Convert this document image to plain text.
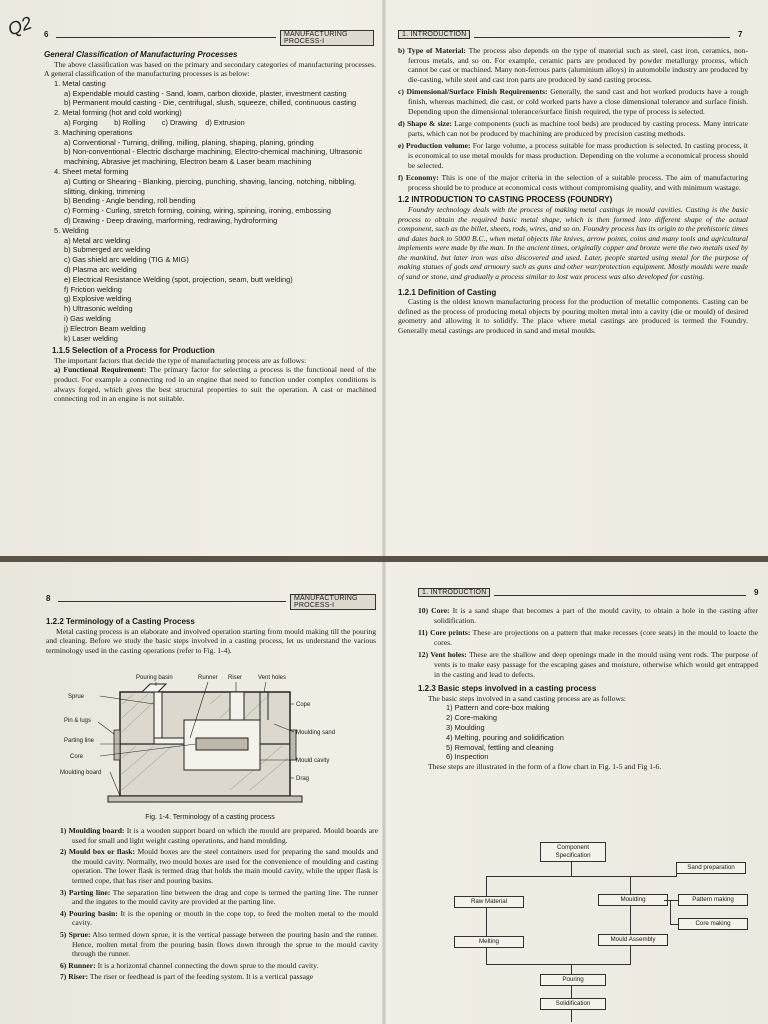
Q2 6	MANUFACTURING PROCESS-I

General Classification of Manufacturing Processes

The above classification was based on the primary and secondary categories of manufacturing processes. A general classification of the manufacturing processes is as below:

1. Metal casting

a) Expendable mould casting - Sand, loam, carbon dioxide, plaster, investment casting

b) Permanent mould casting - Die, centrifugal, slush, squeeze, chilled, continuous casting

2. Metal forming (hot and cold working)

a) Forging        b) Rolling        c) Drawing    d) Extrusion

3. Machining operations

a) Conventional - Turning, drilling, milling, planing, shaping, planing, grinding

b) Non-conventional - Electric discharge machining, Electro-chemical machining, Ultrasonic machining, Abrasive jet machining, Electron beam & Laser beam machining

4. Sheet metal forming

a) Cutting or Shearing - Blanking, piercing, punching, shaving, lancing, notching, nibbling, slitting, dinking, trimming

b) Bending - Angle bending, roll bending

c) Forming - Curling, stretch forming, coining, wiring, spinning, ironing, embossing

d) Drawing - Deep drawing, marforming, redrawing, hydroforming

5. Welding

a) Metal arc welding

b) Submerged arc welding

c) Gas shield arc welding (TIG & MIG)

d) Plasma arc welding

e) Electrical Resistance Welding (spot, projection, seam, butt welding)

f) Friction welding

g) Explosive welding

h) Ultrasonic welding

i) Gas welding

j) Electron Beam welding

k) Laser welding

1.1.5 Selection of a Process for Production

The important factors that decide the type of manufacturing process are as follows:

a) Functional Requirement: The primary factor for selecting a process is the functional need of the product. For example a connecting rod in an engine that need to function under complex conditions is always forged, which gives the best structural properties to suit the operation. A cast or machined connecting rod in an engine is not suitable.

1. INTRODUCTION	7

b) Type of Material: The process also depends on the type of material such as steel, cast iron, ceramics, non-ferrous metals, and so on. For example, ceramic parts are produced by powder metallurgy process, which cannot be cast or machined. Many non-ferrous parts (aluminium alloys) in automobile industry are produced by die-casting, while steel and cast iron parts are produced by sand casting process.

c) Dimensional/Surface Finish Requirements: Generally, the sand cast and hot worked products have a rough finish, whereas machined, die cast, or cold worked parts have a close dimensional tolerance and surface finish. Depending upon the dimensional tolerance/surface finish required, the type of process is selected.

d) Shape & size: Large components (such as machine tool beds) are produced by casting process. Many intricate parts, which can not be produced by machining are produced by precision casting methods.

e) Production volume: For large volume, a process suitable for mass production is selected. In casting process, it is economical to use metal moulds for mass production. Depending on the volume a economical process should be selected.

f) Economy: This is one of the major criteria in the selection of a suitable process. The aim of manufacturing process should be to produce at economical costs without compromising quality, and with minimum wastage.

1.2 INTRODUCTION TO CASTING PROCESS (FOUNDRY)

Foundry technology deals with the process of making metal castings in mould cavities. Casting is the basic process to obtain the required basic metal shape, which is then formed into different shape of the actual component, such as the billet, sheets, rods, wires, and so on. Foundry process has its origin to the prehistoric times and dates back to 5000 B.C., when metal objects like knives, arrow points, coins and many tools and agricultural implements were made by the man. In the ancient times, originally copper and bronze were the two metals used by the mankind, but later iron was also discovered and used. Later, people started using metal for the purpose of making statues of gods and armoury such as guns and other war/protection equipment. Mostly moulds were made of sand or stone, and gradually a process similar to lost wax process was also developed for casting.

1.2.1 Definition of Casting

Casting is the oldest known manufacturing process for the production of metallic components. Casting can be defined as the process of producing metal objects by pouring molten metal into a cavity (die or mould) of desired geometry and allowing it to solidify. The place where metal castings are produced is termed the Foundry. Generally metal castings are produced in sand and metal moulds.

8	MANUFACTURING PROCESS-I

1.2.2 Terminology of a Casting Process

Metal casting process is an elaborate and involved operation starting from mould making till the pouring and cleaning. Before we study the basic steps involved in a casting process, let us understand the various terminology used in the casting operations (refer to Fig. 1-4).

Pouring basin	Runner Riser	Vent holes
Sprue
Cope
Pin & lugs
Moulding sand
Parting line
Core
Mould cavity
Moulding board
Drag
Fig. 1-4. Terminology of a casting process

1) Moulding board: It is a wooden support board on which the mould are prepared. Mould boards are used for small and light weight casting operations, and hand moulding.

2) Mould box or flask: Mould boxes are the steel containers used for preparing the sand moulds and the mould cavity. Normally, two mould boxes are used for the convenience of moulding and casting operation. The lower flask is termed drag that holds the main mould cavity, while the upper flask is termed cope, that has riser and pouring basins.

3) Parting line: The separation line between the drag and cope is termed the parting line. The runner and the ingates to the mould cavity are provided at the parting line.

4) Pouring basin: It is the opening or mouth in the cope top, to feed the molten metal to the mould cavity.

5) Sprue: Also termed down sprue, it is the vertical passage between the pouring basin and the runner. Hence, molten metal from the pouring basin flows down through the sprue to the mould cavity through the runner.

6) Runner: It is a horizontal channel connecting the down sprue to the mould cavity.

7) Riser: The riser or feedhead is part of the feeding system. It is a vertical passage

1. INTRODUCTION	9

10) Core: It is a sand shape that becomes a part of the mould cavity, to obtain a hole in the casting after solidification.

11) Core prints: These are projections on a pattern that make recesses (core seats) in the mould to loacte the cores.

12) Vent holes: These are the shallow and deep openings made in the mould using vent rods. The purpose of vents is to make easy passage for the escaping gases and moisture, otherwise which would get entrapped in the casting and lead to defects.

1.2.3 Basic steps involved in a casting process

The basic steps involved in a sand casting process are as follows:

1) Pattern and core-box making

2) Core-making

3) Moulding

4) Melting, pouring and solidification

5) Removal, fettling and cleaning

6) Inspection

These steps are illustrated in the form of a flow chart in Fig. 1-5 and Fig 1-6.

Component Specification
Sand preparation
Raw Material	Moulding	Pattern making
Core making
Melting	Mould Assembly
Pouring
Solidification
